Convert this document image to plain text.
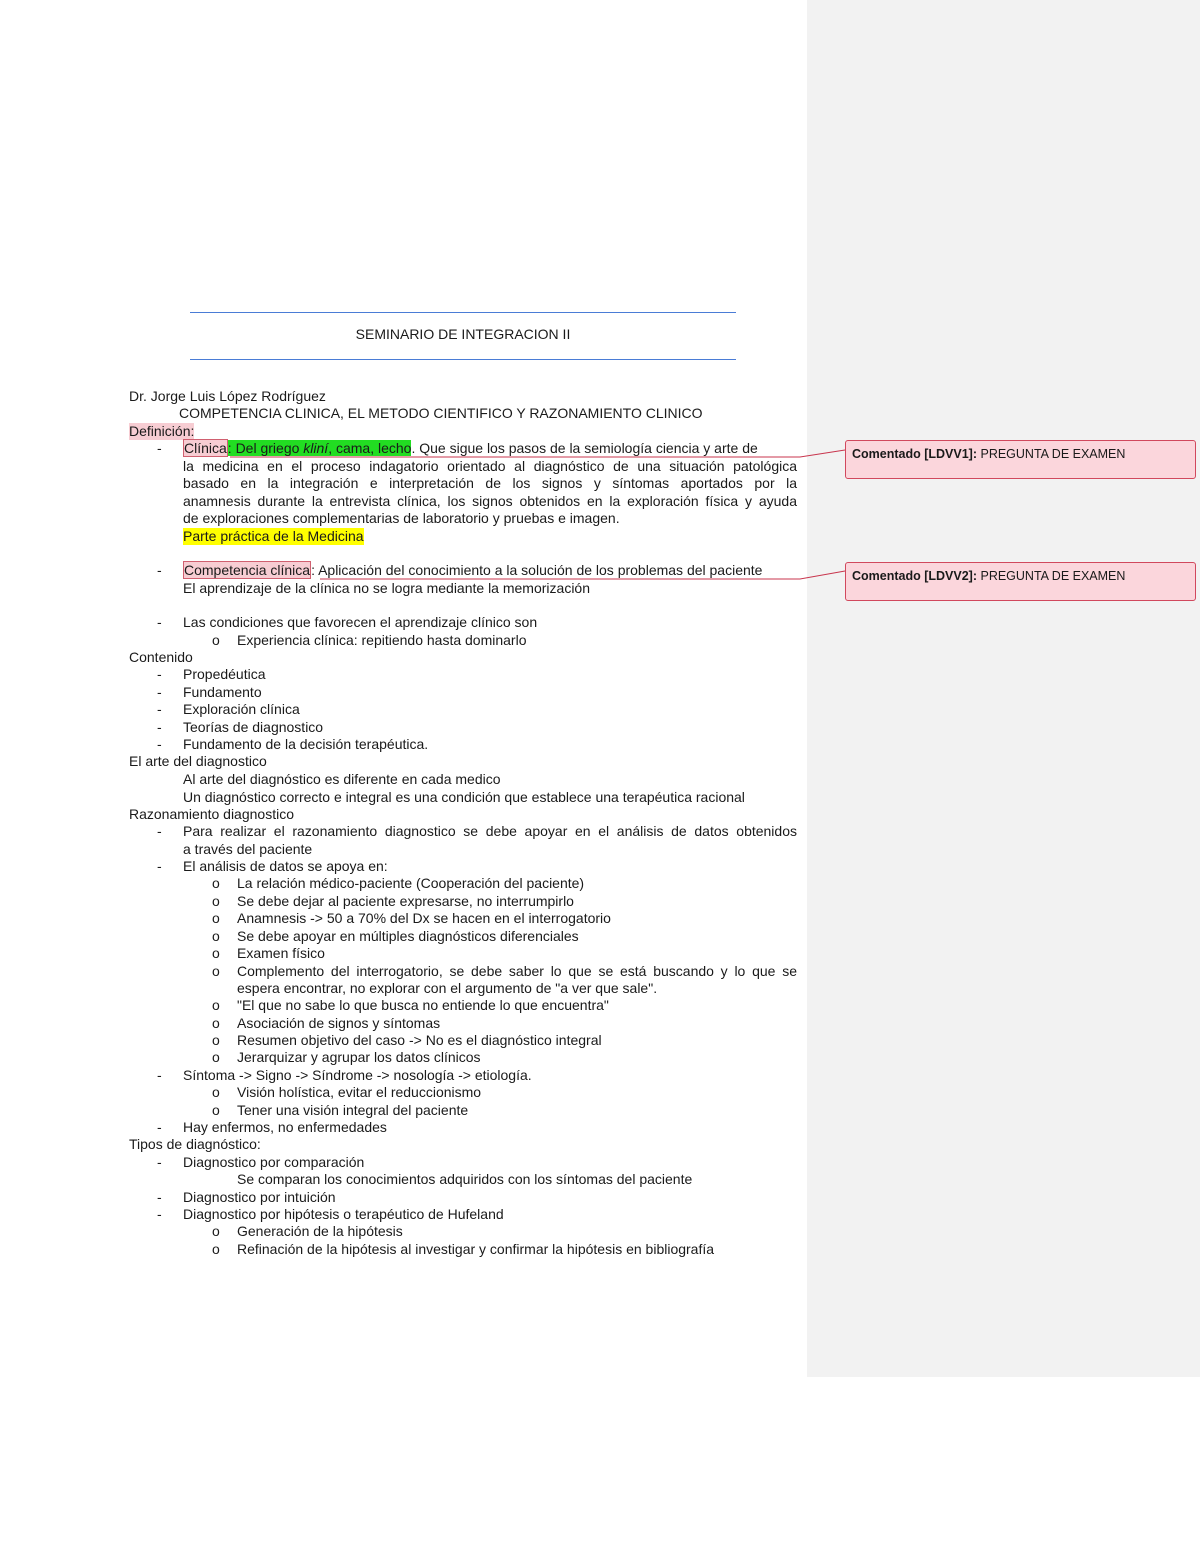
SEMINARIO DE INTEGRACION II
Dr. Jorge Luis López Rodríguez
COMPETENCIA CLINICA, EL METODO CIENTIFICO Y RAZONAMIENTO CLINICO
Definición:
- Clínica: Del griego kliní, cama, lecho. Que sigue los pasos de la semiología ciencia y arte de
la medicina en el proceso indagatorio orientado al diagnóstico de una situación patológica
basado en la integración e interpretación de los signos y síntomas aportados por la
anamnesis durante la entrevista clínica, los signos obtenidos en la exploración física y ayuda
de exploraciones complementarias de laboratorio y pruebas e imagen.
Parte práctica de la Medicina
- Competencia clínica: Aplicación del conocimiento a la solución de los problemas del paciente
El aprendizaje de la clínica no se logra mediante la memorización
- Las condiciones que favorecen el aprendizaje clínico son
o Experiencia clínica: repitiendo hasta dominarlo
Contenido
- Propedéutica
- Fundamento
- Exploración clínica
- Teorías de diagnostico
- Fundamento de la decisión terapéutica.
El arte del diagnostico
Al arte del diagnóstico es diferente en cada medico
Un diagnóstico correcto e integral es una condición que establece una terapéutica racional
Razonamiento diagnostico
- Para realizar el razonamiento diagnostico se debe apoyar en el análisis de datos obtenidos
a través del paciente
- El análisis de datos se apoya en:
o La relación médico-paciente (Cooperación del paciente)
o Se debe dejar al paciente expresarse, no interrumpirlo
o Anamnesis -> 50 a 70% del Dx se hacen en el interrogatorio
o Se debe apoyar en múltiples diagnósticos diferenciales
o Examen físico
o Complemento del interrogatorio, se debe saber lo que se está buscando y lo que se
espera encontrar, no explorar con el argumento de "a ver que sale".
o "El que no sabe lo que busca no entiende lo que encuentra"
o Asociación de signos y síntomas
o Resumen objetivo del caso -> No es el diagnóstico integral
o Jerarquizar y agrupar los datos clínicos
- Síntoma -> Signo -> Síndrome -> nosología -> etiología.
o Visión holística, evitar el reduccionismo
o Tener una visión integral del paciente
- Hay enfermos, no enfermedades
Tipos de diagnóstico:
- Diagnostico por comparación
Se comparan los conocimientos adquiridos con los síntomas del paciente
- Diagnostico por intuición
- Diagnostico por hipótesis o terapéutico de Hufeland
o Generación de la hipótesis
o Refinación de la hipótesis al investigar y confirmar la hipótesis en bibliografía
Comentado [LDVV1]: PREGUNTA DE EXAMEN
Comentado [LDVV2]: PREGUNTA DE EXAMEN
